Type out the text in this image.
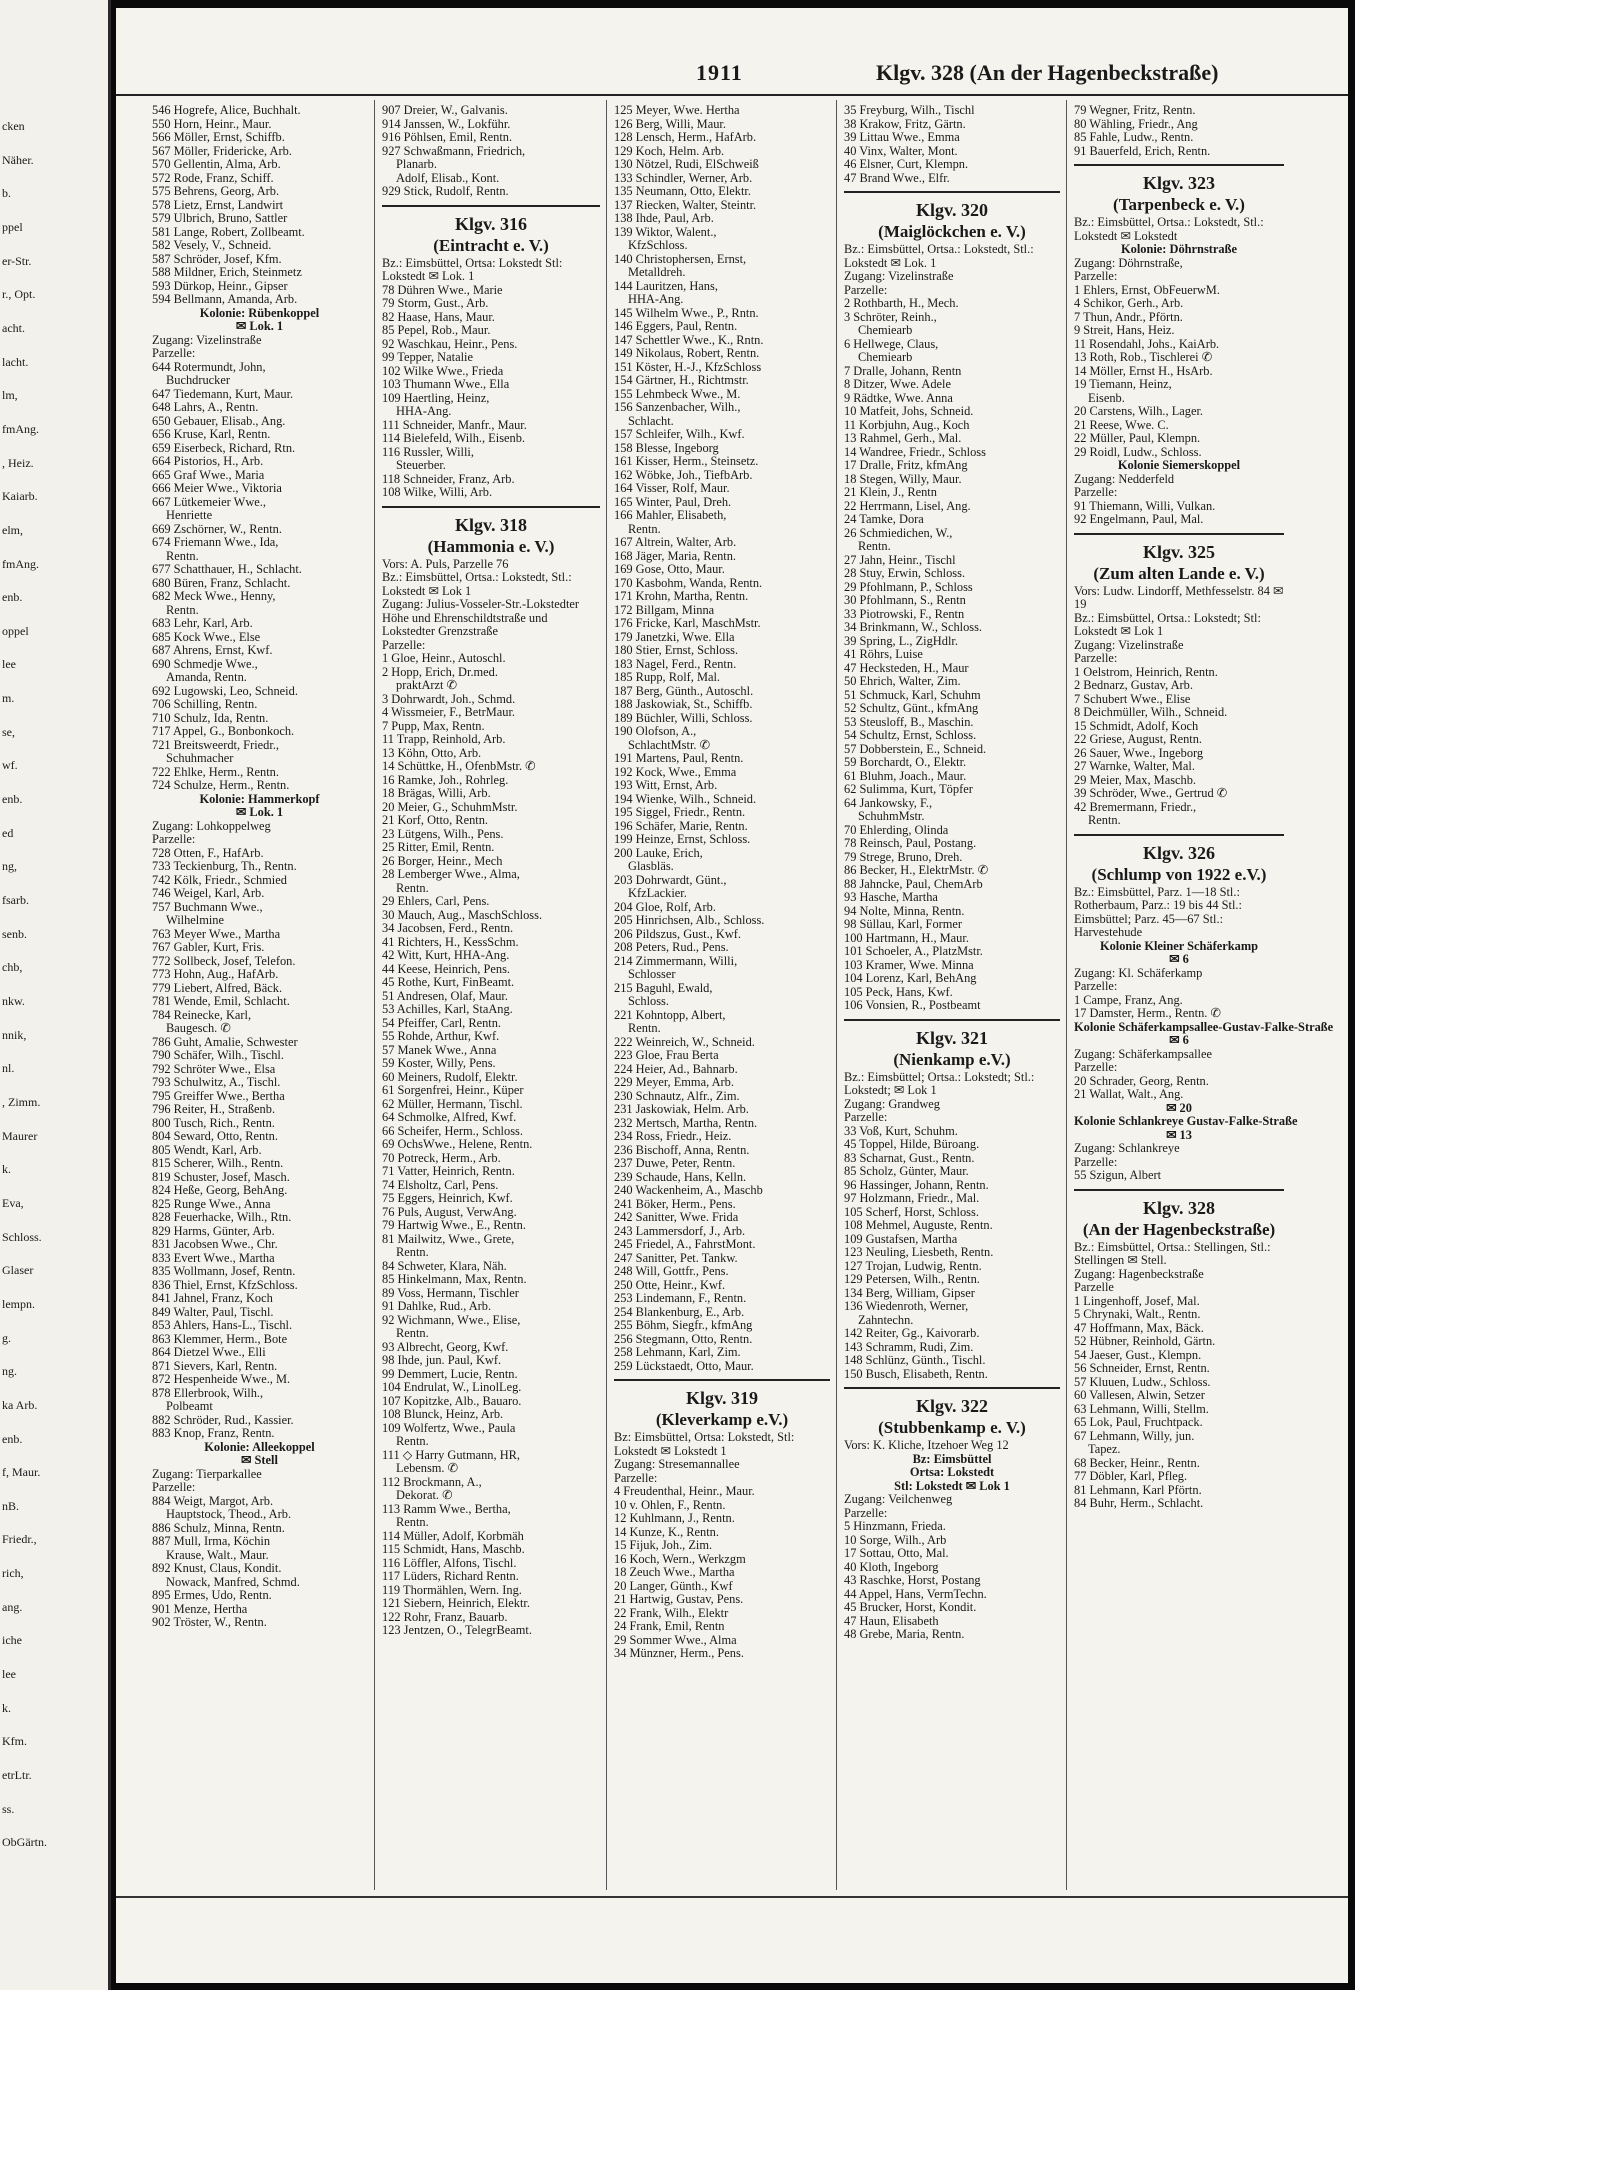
cken
Näher.
b.
ppel
er-Str.
r., Opt.
acht.
lacht.
lm,
fmAng.
, Heiz.
Kaiarb.
elm,
fmAng.
enb.
oppel
lee
m.
se,
wf.
enb.
ed
ng,
fsarb.
senb.
chb,
nkw.
nnik,
nl.
, Zimm.
Maurer
k.
Eva,
Schloss.
Glaser
lempn.
g.
ng.
ka Arb.
enb.
f, Maur.
nB.
Friedr.,
rich,
ang.
iche
lee
k.
Kfm.
etrLtr.
ss.
ObGärtn.
1911	Klgv. 328 (An der Hagenbeckstraße)
546 Hogrefe, Alice, Buchhalt.
550 Horn, Heinr., Maur.
566 Möller, Ernst, Schiffb.
567 Möller, Fridericke, Arb.
570 Gellentin, Alma, Arb.
572 Rode, Franz, Schiff.
575 Behrens, Georg, Arb.
578 Lietz, Ernst, Landwirt
579 Ulbrich, Bruno, Sattler
581 Lange, Robert, Zollbeamt.
582 Vesely, V., Schneid.
587 Schröder, Josef, Kfm.
588 Mildner, Erich, Steinmetz
593 Dürkop, Heinr., Gipser
594 Bellmann, Amanda, Arb.
Kolonie: Rübenkoppel
✉ Lok. 1
Zugang: Vizelinstraße
Parzelle:
644 Rotermundt, John,
Buchdrucker
647 Tiedemann, Kurt, Maur.
648 Lahrs, A., Rentn.
650 Gebauer, Elisab., Ang.
656 Kruse, Karl, Rentn.
659 Eiserbeck, Richard, Rtn.
664 Pistorios, H., Arb.
665 Graf Wwe., Maria
666 Meier Wwe., Viktoria
667 Lütkemeier Wwe.,
Henriette
669 Zschörner, W., Rentn.
674 Friemann Wwe., Ida,
Rentn.
677 Schatthauer, H., Schlacht.
680 Büren, Franz, Schlacht.
682 Meck Wwe., Henny,
Rentn.
683 Lehr, Karl, Arb.
685 Kock Wwe., Else
687 Ahrens, Ernst, Kwf.
690 Schmedje Wwe.,
Amanda, Rentn.
692 Lugowski, Leo, Schneid.
706 Schilling, Rentn.
710 Schulz, Ida, Rentn.
717 Appel, G., Bonbonkoch.
721 Breitsweerdt, Friedr.,
Schuhmacher
722 Ehlke, Herm., Rentn.
724 Schulze, Herm., Rentn.
Kolonie: Hammerkopf
✉ Lok. 1
Zugang: Lohkoppelweg
Parzelle:
728 Otten, F., HafArb.
733 Teckienburg, Th., Rentn.
742 Kölk, Friedr., Schmied
746 Weigel, Karl, Arb.
757 Buchmann Wwe.,
Wilhelmine
763 Meyer Wwe., Martha
767 Gabler, Kurt, Fris.
772 Sollbeck, Josef, Telefon.
773 Hohn, Aug., HafArb.
779 Liebert, Alfred, Bäck.
781 Wende, Emil, Schlacht.
784 Reinecke, Karl,
Baugesch. ✆
786 Guht, Amalie, Schwester
790 Schäfer, Wilh., Tischl.
792 Schröter Wwe., Elsa
793 Schulwitz, A., Tischl.
795 Greiffer Wwe., Bertha
796 Reiter, H., Straßenb.
800 Tusch, Rich., Rentn.
804 Seward, Otto, Rentn.
805 Wendt, Karl, Arb.
815 Scherer, Wilh., Rentn.
819 Schuster, Josef, Masch.
824 Heße, Georg, BehAng.
825 Runge Wwe., Anna
828 Feuerhacke, Wilh., Rtn.
829 Harms, Günter, Arb.
831 Jacobsen Wwe., Chr.
833 Evert Wwe., Martha
835 Wollmann, Josef, Rentn.
836 Thiel, Ernst, KfzSchloss.
841 Jahnel, Franz, Koch
849 Walter, Paul, Tischl.
853 Ahlers, Hans-L., Tischl.
863 Klemmer, Herm., Bote
864 Dietzel Wwe., Elli
871 Sievers, Karl, Rentn.
872 Hespenheide Wwe., M.
878 Ellerbrook, Wilh.,
Polbeamt
882 Schröder, Rud., Kassier.
883 Knop, Franz, Rentn.
Kolonie: Alleekoppel
✉ Stell
Zugang: Tierparkallee
Parzelle:
884 Weigt, Margot, Arb.
Hauptstock, Theod., Arb.
886 Schulz, Minna, Rentn.
887 Mull, Irma, Köchin
Krause, Walt., Maur.
892 Knust, Claus, Kondit.
Nowack, Manfred, Schmd.
895 Ermes, Udo, Rentn.
901 Menze, Hertha
902 Tröster, W., Rentn.
907 Dreier, W., Galvanis.
914 Janssen, W., Lokführ.
916 Pöhlsen, Emil, Rentn.
927 Schwaßmann, Friedrich,
Planarb.
Adolf, Elisab., Kont.
929 Stick, Rudolf, Rentn.
Klgv. 316
(Eintracht e. V.)
Bz.: Eimsbüttel, Ortsa: Lokstedt Stl: Lokstedt ✉ Lok. 1
78 Dühren Wwe., Marie
79 Storm, Gust., Arb.
82 Haase, Hans, Maur.
85 Pepel, Rob., Maur.
92 Waschkau, Heinr., Pens.
99 Tepper, Natalie
102 Wilke Wwe., Frieda
103 Thumann Wwe., Ella
109 Haertling, Heinz,
HHA-Ang.
111 Schneider, Manfr., Maur.
114 Bielefeld, Wilh., Eisenb.
116 Russler, Willi,
Steuerber.
118 Schneider, Franz, Arb.
108 Wilke, Willi, Arb.
Klgv. 318
(Hammonia e. V.)
Vors: A. Puls, Parzelle 76
Bz.: Eimsbüttel, Ortsa.: Lokstedt, Stl.: Lokstedt ✉ Lok 1
Zugang: Julius-Vosseler-Str.-Lokstedter Höhe und Ehrenschildtstraße und Lokstedter Grenzstraße
Parzelle:
1 Gloe, Heinr., Autoschl.
2 Hopp, Erich, Dr.med.
praktArzt ✆
3 Dohrwardt, Joh., Schmd.
4 Wissmeier, F., BetrMaur.
7 Pupp, Max, Rentn.
11 Trapp, Reinhold, Arb.
13 Köhn, Otto, Arb.
14 Schüttke, H., OfenbMstr. ✆
16 Ramke, Joh., Rohrleg.
18 Brägas, Willi, Arb.
20 Meier, G., SchuhmMstr.
21 Korf, Otto, Rentn.
23 Lütgens, Wilh., Pens.
25 Ritter, Emil, Rentn.
26 Borger, Heinr., Mech
28 Lemberger Wwe., Alma,
Rentn.
29 Ehlers, Carl, Pens.
30 Mauch, Aug., MaschSchloss.
34 Jacobsen, Ferd., Rentn.
41 Richters, H., KessSchm.
42 Witt, Kurt, HHA-Ang.
44 Keese, Heinrich, Pens.
45 Rothe, Kurt, FinBeamt.
51 Andresen, Olaf, Maur.
53 Achilles, Karl, StaAng.
54 Pfeiffer, Carl, Rentn.
55 Rohde, Arthur, Kwf.
57 Manek Wwe., Anna
59 Koster, Willy, Pens.
60 Meiners, Rudolf, Elektr.
61 Sorgenfrei, Heinr., Küper
62 Müller, Hermann, Tischl.
64 Schmolke, Alfred, Kwf.
66 Scheifer, Herm., Schloss.
69 OchsWwe., Helene, Rentn.
70 Potreck, Herm., Arb.
71 Vatter, Heinrich, Rentn.
74 Elsholtz, Carl, Pens.
75 Eggers, Heinrich, Kwf.
76 Puls, August, VerwAng.
79 Hartwig Wwe., E., Rentn.
81 Mailwitz, Wwe., Grete,
Rentn.
84 Schweter, Klara, Näh.
85 Hinkelmann, Max, Rentn.
89 Voss, Hermann, Tischler
91 Dahlke, Rud., Arb.
92 Wichmann, Wwe., Elise,
Rentn.
93 Albrecht, Georg, Kwf.
98 Ihde, jun. Paul, Kwf.
99 Demmert, Lucie, Rentn.
104 Endrulat, W., LinolLeg.
107 Kopitzke, Alb., Bauaro.
108 Blunck, Heinz, Arb.
109 Wolfertz, Wwe., Paula
Rentn.
111 ◇ Harry Gutmann, HR,
Lebensm. ✆
112 Brockmann, A.,
Dekorat. ✆
113 Ramm Wwe., Bertha,
Rentn.
114 Müller, Adolf, Korbmäh
115 Schmidt, Hans, Maschb.
116 Löffler, Alfons, Tischl.
117 Lüders, Richard Rentn.
119 Thormählen, Wern. Ing.
121 Siebern, Heinrich, Elektr.
122 Rohr, Franz, Bauarb.
123 Jentzen, O., TelegrBeamt.
125 Meyer, Wwe. Hertha
126 Berg, Willi, Maur.
128 Lensch, Herm., HafArb.
129 Koch, Helm. Arb.
130 Nötzel, Rudi, ElSchweiß
133 Schindler, Werner, Arb.
135 Neumann, Otto, Elektr.
137 Riecken, Walter, Steintr.
138 Ihde, Paul, Arb.
139 Wiktor, Walent.,
KfzSchloss.
140 Christophersen, Ernst,
Metalldreh.
144 Lauritzen, Hans,
HHA-Ang.
145 Wilhelm Wwe., P., Rntn.
146 Eggers, Paul, Rentn.
147 Schettler Wwe., K., Rntn.
149 Nikolaus, Robert, Rentn.
151 Köster, H.-J., KfzSchloss
154 Gärtner, H., Richtmstr.
155 Lehmbeck Wwe., M.
156 Sanzenbacher, Wilh.,
Schlacht.
157 Schleifer, Wilh., Kwf.
158 Blesse, Ingeborg
161 Kisser, Herm., Steinsetz.
162 Wöbke, Joh., TiefbArb.
164 Visser, Rolf, Maur.
165 Winter, Paul, Dreh.
166 Mahler, Elisabeth,
Rentn.
167 Altrein, Walter, Arb.
168 Jäger, Maria, Rentn.
169 Gose, Otto, Maur.
170 Kasbohm, Wanda, Rentn.
171 Krohn, Martha, Rentn.
172 Billgam, Minna
176 Fricke, Karl, MaschMstr.
179 Janetzki, Wwe. Ella
180 Stier, Ernst, Schloss.
183 Nagel, Ferd., Rentn.
185 Rupp, Rolf, Mal.
187 Berg, Günth., Autoschl.
188 Jaskowiak, St., Schiffb.
189 Büchler, Willi, Schloss.
190 Olofson, A.,
SchlachtMstr. ✆
191 Martens, Paul, Rentn.
192 Kock, Wwe., Emma
193 Witt, Ernst, Arb.
194 Wienke, Wilh., Schneid.
195 Siggel, Friedr., Rentn.
196 Schäfer, Marie, Rentn.
199 Heinze, Ernst, Schloss.
200 Lauke, Erich,
Glasbläs.
203 Dohrwardt, Günt.,
KfzLackier.
204 Gloe, Rolf, Arb.
205 Hinrichsen, Alb., Schloss.
206 Pildszus, Gust., Kwf.
208 Peters, Rud., Pens.
214 Zimmermann, Willi,
Schlosser
215 Baguhl, Ewald,
Schloss.
221 Kohntopp, Albert,
Rentn.
222 Weinreich, W., Schneid.
223 Gloe, Frau Berta
224 Heier, Ad., Bahnarb.
229 Meyer, Emma, Arb.
230 Schnautz, Alfr., Zim.
231 Jaskowiak, Helm. Arb.
232 Mertsch, Martha, Rentn.
234 Ross, Friedr., Heiz.
236 Bischoff, Anna, Rentn.
237 Duwe, Peter, Rentn.
239 Schaude, Hans, Kelln.
240 Wackenheim, A., Maschb
241 Böker, Herm., Pens.
242 Sanitter, Wwe. Frida
243 Lammersdorf, J., Arb.
245 Friedel, A., FahrstMont.
247 Sanitter, Pet. Tankw.
248 Will, Gottfr., Pens.
250 Otte, Heinr., Kwf.
253 Lindemann, F., Rentn.
254 Blankenburg, E., Arb.
255 Böhm, Siegfr., kfmAng
256 Stegmann, Otto, Rentn.
258 Lehmann, Karl, Zim.
259 Lückstaedt, Otto, Maur.
Klgv. 319
(Kleverkamp e.V.)
Bz: Eimsbüttel, Ortsa: Lokstedt, Stl: Lokstedt ✉ Lokstedt 1
Zugang: Stresemannallee
Parzelle:
4 Freudenthal, Heinr., Maur.
10 v. Ohlen, F., Rentn.
12 Kuhlmann, J., Rentn.
14 Kunze, K., Rentn.
15 Fijuk, Joh., Zim.
16 Koch, Wern., Werkzgm
18 Zeuch Wwe., Martha
20 Langer, Günth., Kwf
21 Hartwig, Gustav, Pens.
22 Frank, Wilh., Elektr
24 Frank, Emil, Rentn
29 Sommer Wwe., Alma
34 Münzner, Herm., Pens.
35 Freyburg, Wilh., Tischl
38 Krakow, Fritz, Gärtn.
39 Littau Wwe., Emma
40 Vinx, Walter, Mont.
46 Elsner, Curt, Klempn.
47 Brand Wwe., Elfr.
Klgv. 320
(Maiglöckchen e. V.)
Bz.: Eimsbüttel, Ortsa.: Lokstedt, Stl.: Lokstedt ✉ Lok. 1
Zugang: Vizelinstraße
Parzelle:
2 Rothbarth, H., Mech.
3 Schröter, Reinh.,
Chemiearb
6 Hellwege, Claus,
Chemiearb
7 Dralle, Johann, Rentn
8 Ditzer, Wwe. Adele
9 Rädtke, Wwe. Anna
10 Matfeit, Johs, Schneid.
11 Korbjuhn, Aug., Koch
13 Rahmel, Gerh., Mal.
14 Wandree, Friedr., Schloss
17 Dralle, Fritz, kfmAng
18 Stegen, Willy, Maur.
21 Klein, J., Rentn
22 Herrmann, Lisel, Ang.
24 Tamke, Dora
26 Schmiedichen, W.,
Rentn.
27 Jahn, Heinr., Tischl
28 Stuy, Erwin, Schloss.
29 Pfohlmann, P., Schloss
30 Pfohlmann, S., Rentn
33 Piotrowski, F., Rentn
34 Brinkmann, W., Schloss.
39 Spring, L., ZigHdlr.
41 Röhrs, Luise
47 Hecksteden, H., Maur
50 Ehrich, Walter, Zim.
51 Schmuck, Karl, Schuhm
52 Schultz, Günt., kfmAng
53 Steusloff, B., Maschin.
54 Schultz, Ernst, Schloss.
57 Dobberstein, E., Schneid.
59 Borchardt, O., Elektr.
61 Bluhm, Joach., Maur.
62 Sulimma, Kurt, Töpfer
64 Jankowsky, F.,
SchuhmMstr.
70 Ehlerding, Olinda
78 Reinsch, Paul, Postang.
79 Strege, Bruno, Dreh.
86 Becker, H., ElektrMstr. ✆
88 Jahncke, Paul, ChemArb
93 Hasche, Martha
94 Nolte, Minna, Rentn.
98 Süllau, Karl, Former
100 Hartmann, H., Maur.
101 Schoeler, A., PlatzMstr.
103 Kramer, Wwe. Minna
104 Lorenz, Karl, BehAng
105 Peck, Hans, Kwf.
106 Vonsien, R., Postbeamt
Klgv. 321
(Nienkamp e.V.)
Bz.: Eimsbüttel; Ortsa.: Lokstedt; Stl.: Lokstedt; ✉ Lok 1
Zugang: Grandweg
Parzelle:
33 Voß, Kurt, Schuhm.
45 Toppel, Hilde, Büroang.
83 Scharnat, Gust., Rentn.
85 Scholz, Günter, Maur.
96 Hassinger, Johann, Rentn.
97 Holzmann, Friedr., Mal.
105 Scherf, Horst, Schloss.
108 Mehmel, Auguste, Rentn.
109 Gustafsen, Martha
123 Neuling, Liesbeth, Rentn.
127 Trojan, Ludwig, Rentn.
129 Petersen, Wilh., Rentn.
134 Berg, William, Gipser
136 Wiedenroth, Werner,
Zahntechn.
142 Reiter, Gg., Kaivorarb.
143 Schramm, Rudi, Zim.
148 Schlünz, Günth., Tischl.
150 Busch, Elisabeth, Rentn.
Klgv. 322
(Stubbenkamp e. V.)
Vors: K. Kliche, Itzehoer Weg 12
Bz: Eimsbüttel
Ortsa: Lokstedt
Stl: Lokstedt ✉ Lok 1
Zugang: Veilchenweg
Parzelle:
5 Hinzmann, Frieda.
10 Sorge, Wilh., Arb
17 Sottau, Otto, Mal.
40 Kloth, Ingeborg
43 Raschke, Horst, Postang
44 Appel, Hans, VermTechn.
45 Brucker, Horst, Kondit.
47 Haun, Elisabeth
48 Grebe, Maria, Rentn.
79 Wegner, Fritz, Rentn.
80 Wähling, Friedr., Ang
85 Fahle, Ludw., Rentn.
91 Bauerfeld, Erich, Rentn.
Klgv. 323
(Tarpenbeck e. V.)
Bz.: Eimsbüttel, Ortsa.: Lokstedt, Stl.: Lokstedt ✉ Lokstedt
Kolonie: Döhrnstraße
Zugang: Döhrnstraße,
Parzelle:
1 Ehlers, Ernst, ObFeuerwM.
4 Schikor, Gerh., Arb.
7 Thun, Andr., Pförtn.
9 Streit, Hans, Heiz.
11 Rosendahl, Johs., KaiArb.
13 Roth, Rob., Tischlerei ✆
14 Möller, Ernst H., HsArb.
19 Tiemann, Heinz,
Eisenb.
20 Carstens, Wilh., Lager.
21 Reese, Wwe. C.
22 Müller, Paul, Klempn.
29 Roidl, Ludw., Schloss.
Kolonie Siemerskoppel
Zugang: Nedderfeld
Parzelle:
91 Thiemann, Willi, Vulkan.
92 Engelmann, Paul, Mal.
Klgv. 325
(Zum alten Lande e. V.)
Vors: Ludw. Lindorff, Methfesselstr. 84 ✉ 19
Bz.: Eimsbüttel, Ortsa.: Lokstedt; Stl: Lokstedt ✉ Lok 1
Zugang: Vizelinstraße
Parzelle:
1 Oelstrom, Heinrich, Rentn.
2 Bednarz, Gustav, Arb.
7 Schubert Wwe., Elise
8 Deichmüller, Wilh., Schneid.
15 Schmidt, Adolf, Koch
22 Griese, August, Rentn.
26 Sauer, Wwe., Ingeborg
27 Warnke, Walter, Mal.
29 Meier, Max, Maschb.
39 Schröder, Wwe., Gertrud ✆
42 Bremermann, Friedr.,
Rentn.
Klgv. 326
(Schlump von 1922 e.V.)
Bz.: Eimsbüttel, Parz. 1—18 Stl.: Rotherbaum, Parz.: 19 bis 44 Stl.: Eimsbüttel; Parz. 45—67 Stl.: Harvestehude
Kolonie Kleiner Schäferkamp
✉ 6
Zugang: Kl. Schäferkamp
Parzelle:
1 Campe, Franz, Ang.
17 Damster, Herm., Rentn. ✆
Kolonie Schäferkampsallee-Gustav-Falke-Straße
✉ 6
Zugang: Schäferkampsallee
Parzelle:
20 Schrader, Georg, Rentn.
21 Wallat, Walt., Ang.
✉ 20
Kolonie Schlankreye Gustav-Falke-Straße
✉ 13
Zugang: Schlankreye
Parzelle:
55 Szigun, Albert
Klgv. 328
(An der Hagenbeckstraße)
Bz.: Eimsbüttel, Ortsa.: Stellingen, Stl.: Stellingen ✉ Stell.
Zugang: Hagenbeckstraße
Parzelle
1 Lingenhoff, Josef, Mal.
5 Chrynaki, Walt., Rentn.
47 Hoffmann, Max, Bäck.
52 Hübner, Reinhold, Gärtn.
54 Jaeser, Gust., Klempn.
56 Schneider, Ernst, Rentn.
57 Kluuen, Ludw., Schloss.
60 Vallesen, Alwin, Setzer
63 Lehmann, Willi, Stellm.
65 Lok, Paul, Fruchtpack.
67 Lehmann, Willy, jun.
Tapez.
68 Becker, Heinr., Rentn.
77 Döbler, Karl, Pfleg.
81 Lehmann, Karl Pförtn.
84 Buhr, Herm., Schlacht.
